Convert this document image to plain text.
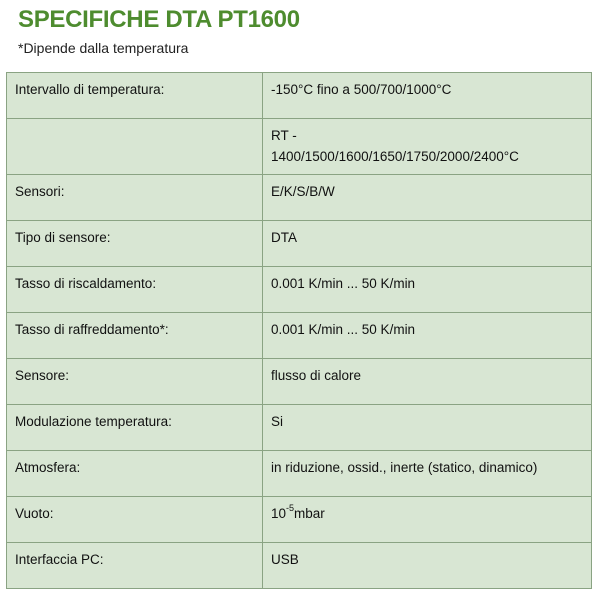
SPECIFICHE DTA PT1600
*Dipende dalla temperatura
Intervallo di temperatura:	-150°C fino a 500/700/1000°C

	RT -
1400/1500/1600/1650/1750/2000/2400°C

Sensori:	E/K/S/B/W
Tipo di sensore:	DTA
Tasso di riscaldamento:	0.001 K/min ... 50 K/min
Tasso di raffreddamento*:	0.001 K/min ... 50 K/min
Sensore:	flusso di calore
Modulazione temperatura:	Si
Atmosfera:	in riduzione, ossid., inerte (statico, dinamico)
Vuoto:	$10^{-5}mbar$
Interfaccia PC:	USB
